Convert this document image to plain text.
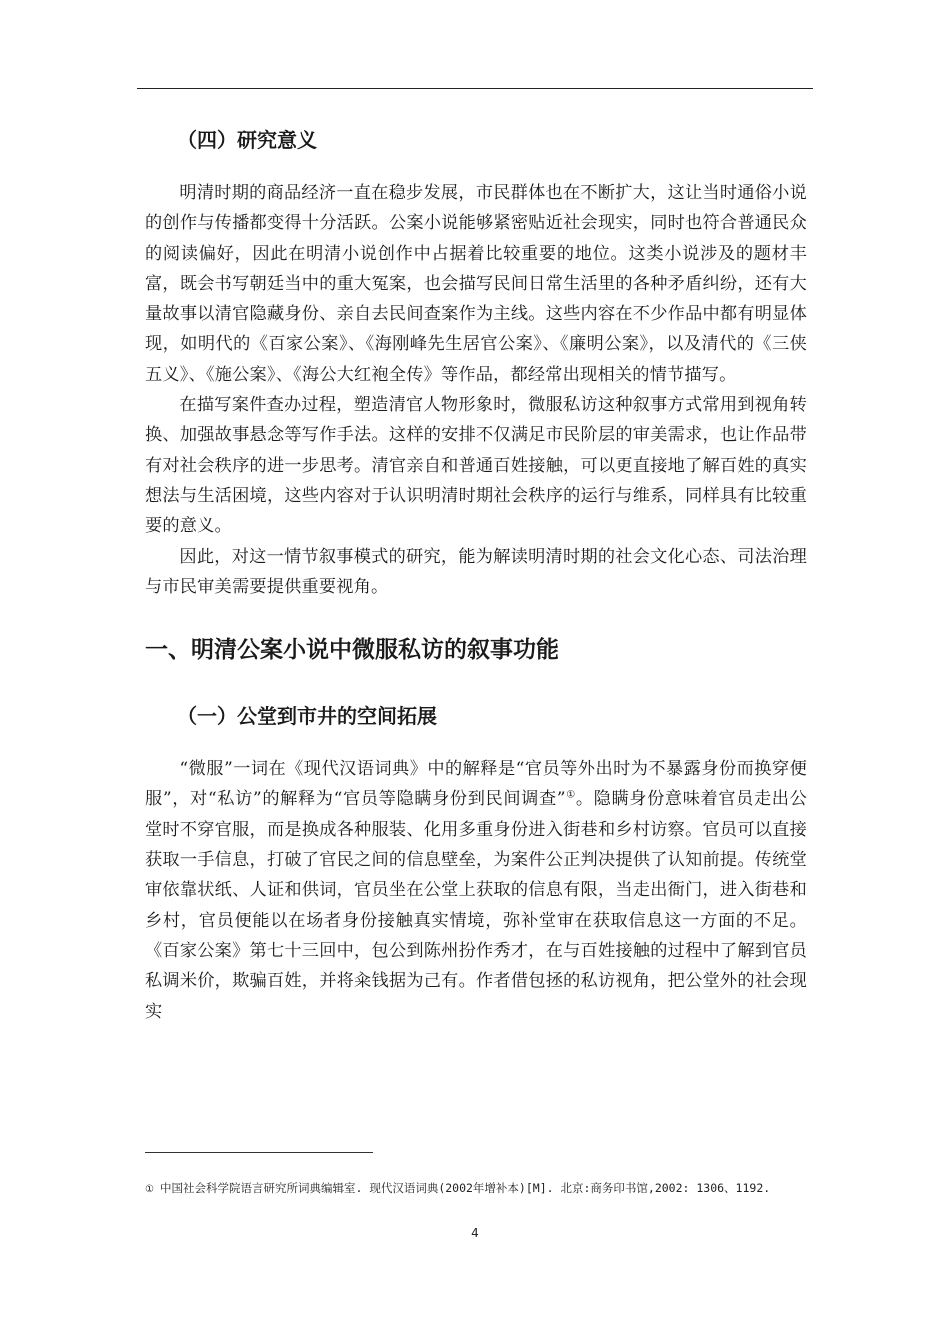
（四）研究意义

明清时期的商品经济一直在稳步发展，市民群体也在不断扩大，这让当时通俗小说的创作与传播都变得十分活跃。公案小说能够紧密贴近社会现实，同时也符合普通民众的阅读偏好，因此在明清小说创作中占据着比较重要的地位。这类小说涉及的题材丰富，既会书写朝廷当中的重大冤案，也会描写民间日常生活里的各种矛盾纠纷，还有大量故事以清官隐藏身份、亲自去民间查案作为主线。这些内容在不少作品中都有明显体现，如明代的《百家公案》、《海刚峰先生居官公案》、《廉明公案》，以及清代的《三侠五义》、《施公案》、《海公大红袍全传》等作品，都经常出现相关的情节描写。

在描写案件查办过程，塑造清官人物形象时，微服私访这种叙事方式常用到视角转换、加强故事悬念等写作手法。这样的安排不仅满足市民阶层的审美需求，也让作品带有对社会秩序的进一步思考。清官亲自和普通百姓接触，可以更直接地了解百姓的真实想法与生活困境，这些内容对于认识明清时期社会秩序的运行与维系，同样具有比较重要的意义。

因此，对这一情节叙事模式的研究，能为解读明清时期的社会文化心态、司法治理与市民审美需要提供重要视角。

一、明清公案小说中微服私访的叙事功能
（一）公堂到市井的空间拓展

“微服”一词在《现代汉语词典》中的解释是“官员等外出时为不暴露身份而换穿便服”，对“私访”的解释为“官员等隐瞒身份到民间调查”①。隐瞒身份意味着官员走出公堂时不穿官服，而是换成各种服装、化用多重身份进入街巷和乡村访察。官员可以直接获取一手信息，打破了官民之间的信息壁垒，为案件公正判决提供了认知前提。传统堂审依靠状纸、人证和供词，官员坐在公堂上获取的信息有限，当走出衙门，进入街巷和乡村，官员便能以在场者身份接触真实情境，弥补堂审在获取信息这一方面的不足。《百家公案》第七十三回中，包公到陈州扮作秀才，在与百姓接触的过程中了解到官员私调米价，欺骗百姓，并将籴钱据为己有。作者借包拯的私访视角，把公堂外的社会现实

① 中国社会科学院语言研究所词典编辑室. 现代汉语词典(2002年增补本)[M]. 北京:商务印书馆,2002: 1306、1192.
4
